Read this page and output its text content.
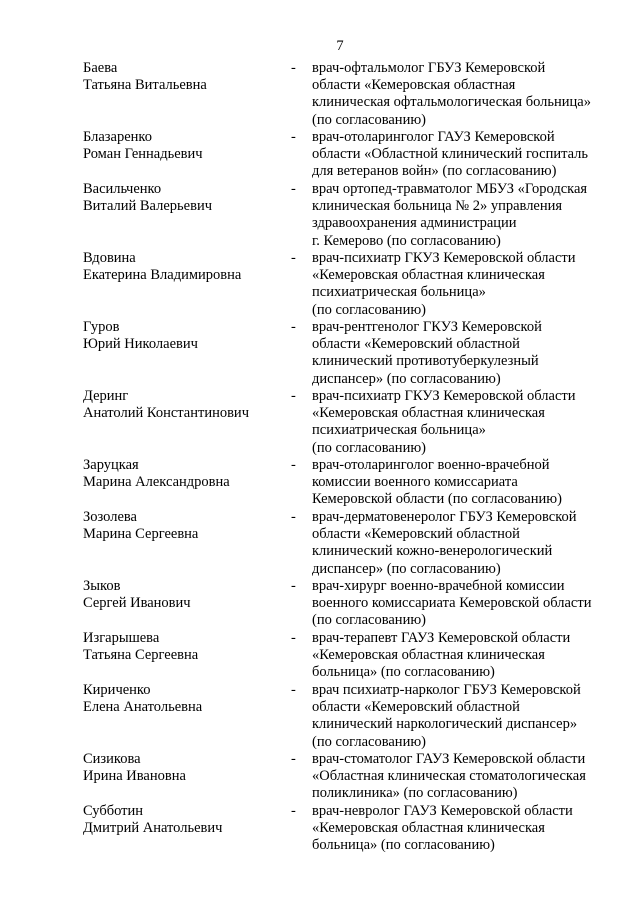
7
Баева
Татьяна Витальевна
- врач-офтальмолог ГБУЗ Кемеровской
области «Кемеровская областная
клиническая офтальмологическая больница»
(по согласованию)
Блазаренко
Роман Геннадьевич
- врач-отоларинголог ГАУЗ Кемеровской
области «Областной клинический госпиталь
для ветеранов войн» (по согласованию)
Васильченко
Виталий Валерьевич
- врач ортопед-травматолог МБУЗ «Городская
клиническая больница № 2» управления
здравоохранения администрации
г. Кемерово (по согласованию)
Вдовина
Екатерина Владимировна
- врач-психиатр ГКУЗ Кемеровской области
«Кемеровская областная клиническая
психиатрическая больница»
(по согласованию)
Гуров
Юрий Николаевич
- врач-рентгенолог ГКУЗ Кемеровской
области «Кемеровский областной
клинический противотуберкулезный
диспансер» (по согласованию)
Деринг
Анатолий Константинович
- врач-психиатр ГКУЗ Кемеровской области
«Кемеровская областная клиническая
психиатрическая больница»
(по согласованию)
Заруцкая
Марина Александровна
- врач-отоларинголог военно-врачебной
комиссии военного комиссариата
Кемеровской области (по согласованию)
Зозолева
Марина Сергеевна
- врач-дерматовенеролог ГБУЗ Кемеровской
области «Кемеровский областной
клинический кожно-венерологический
диспансер» (по согласованию)
Зыков
Сергей Иванович
- врач-хирург военно-врачебной комиссии
военного комиссариата Кемеровской области
(по согласованию)
Изгарышева
Татьяна Сергеевна
- врач-терапевт ГАУЗ Кемеровской области
«Кемеровская областная клиническая
больница» (по согласованию)
Кириченко
Елена Анатольевна
- врач психиатр-нарколог ГБУЗ Кемеровской
области «Кемеровский областной
клинический наркологический диспансер»
(по согласованию)
Сизикова
Ирина Ивановна
- врач-стоматолог ГАУЗ Кемеровской области
«Областная клиническая стоматологическая
поликлиника» (по согласованию)
Субботин
Дмитрий Анатольевич
- врач-невролог ГАУЗ Кемеровской области
«Кемеровская областная клиническая
больница» (по согласованию)
